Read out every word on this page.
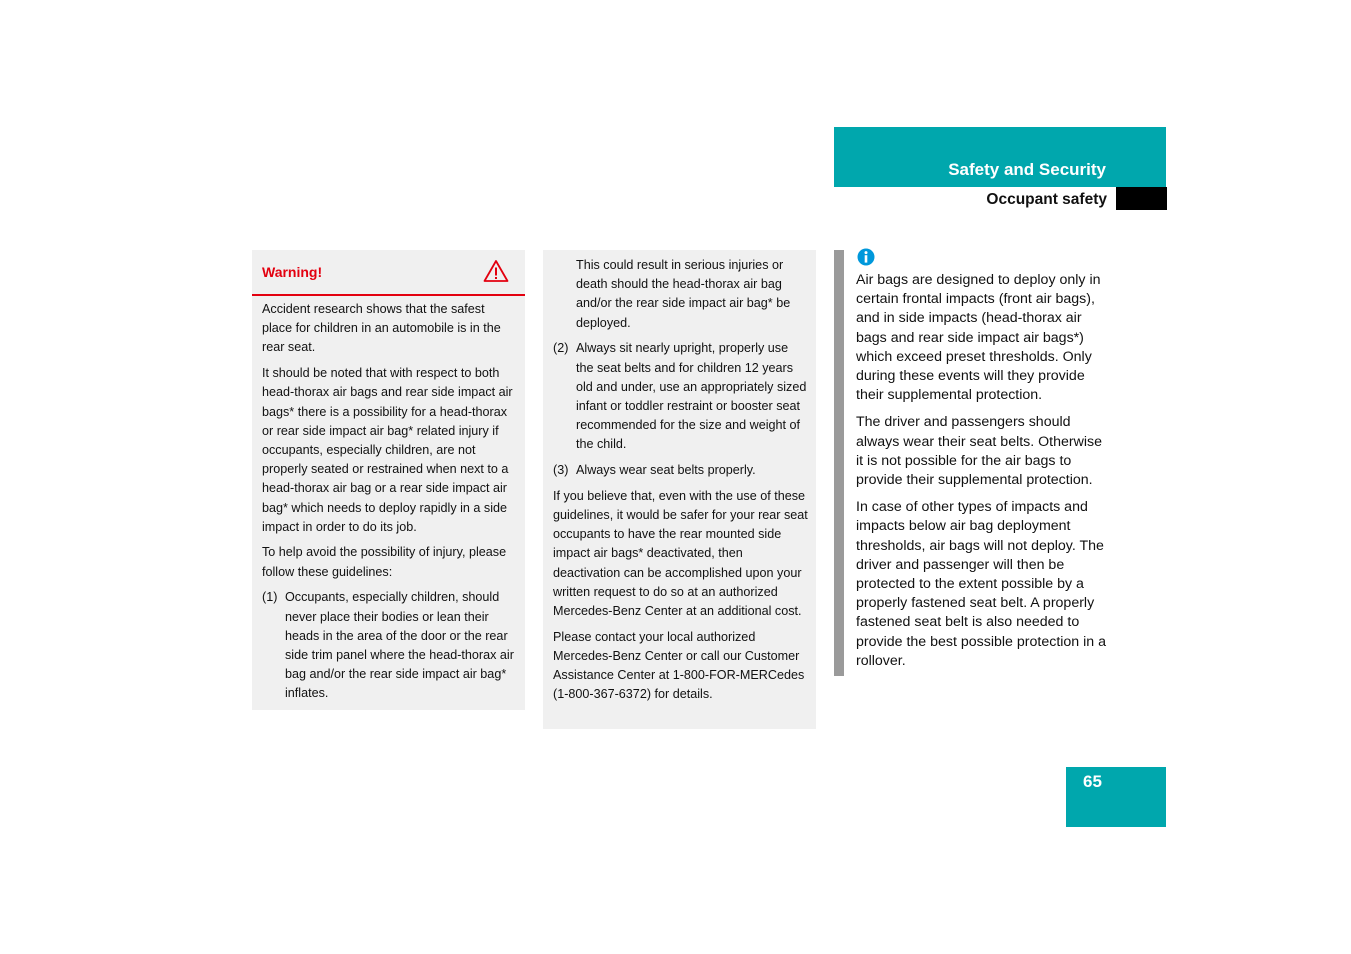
Safety and Security
Occupant safety
Warning!

Accident research shows that the safest place for children in an automobile is in the rear seat.

It should be noted that with respect to both head-thorax air bags and rear side impact air bags* there is a possibility for a head-thorax or rear side impact air bag* related injury if occupants, especially children, are not properly seated or restrained when next to a head-thorax air bag or a rear side impact air bag* which needs to deploy rapidly in a side impact in order to do its job.

To help avoid the possibility of injury, please follow these guidelines:

(1) Occupants, especially children, should never place their bodies or lean their heads in the area of the door or the rear side trim panel where the head-thorax air bag and/or the rear side impact air bag* inflates.

This could result in serious injuries or death should the head-thorax air bag and/or the rear side impact air bag* be deployed.

(2) Always sit nearly upright, properly use the seat belts and for children 12 years old and under, use an appropriately sized infant or toddler restraint or booster seat recommended for the size and weight of the child.
(3) Always wear seat belts properly.

If you believe that, even with the use of these guidelines, it would be safer for your rear seat occupants to have the rear mounted side impact air bags* deactivated, then deactivation can be accomplished upon your written request to do so at an authorized Mercedes-Benz Center at an additional cost.

Please contact your local authorized Mercedes-Benz Center or call our Customer Assistance Center at 1-800-FOR-MERCedes (1-800-367-6372) for details.

Air bags are designed to deploy only in certain frontal impacts (front air bags), and in side impacts (head-thorax air bags and rear side impact air bags*) which exceed preset thresholds. Only during these events will they provide their supplemental protection.

The driver and passengers should always wear their seat belts. Otherwise it is not possible for the air bags to provide their supplemental protection.

In case of other types of impacts and impacts below air bag deployment thresholds, air bags will not deploy. The driver and passenger will then be protected to the extent possible by a properly fastened seat belt. A properly fastened seat belt is also needed to provide the best possible protection in a rollover.

65
